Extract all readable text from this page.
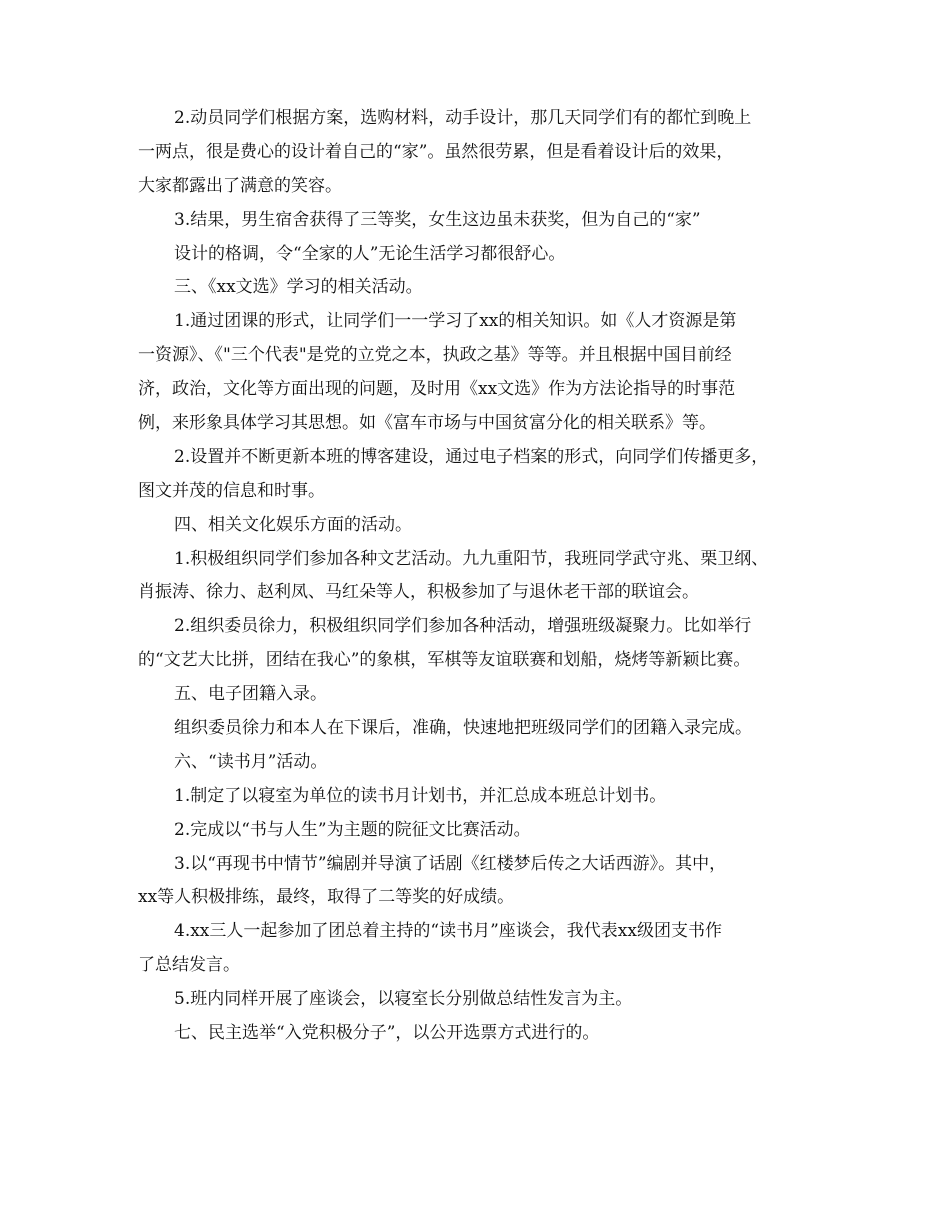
2.动员同学们根据方案，选购材料，动手设计，那几天同学们有的都忙到晚上
一两点，很是费心的设计着自己的“家”。虽然很劳累，但是看着设计后的效果，
大家都露出了满意的笑容。
3.结果，男生宿舍获得了三等奖，女生这边虽未获奖，但为自己的“家”
设计的格调，令“全家的人”无论生活学习都很舒心。
三、《xx文选》学习的相关活动。
1.通过团课的形式，让同学们一一学习了xx的相关知识。如《人才资源是第
一资源》、《"三个代表"是党的立党之本，执政之基》等等。并且根据中国目前经
济，政治，文化等方面出现的问题，及时用《xx文选》作为方法论指导的时事范
例，来形象具体学习其思想。如《富车市场与中国贫富分化的相关联系》等。
2.设置并不断更新本班的博客建设，通过电子档案的形式，向同学们传播更多，
图文并茂的信息和时事。
四、相关文化娱乐方面的活动。
1.积极组织同学们参加各种文艺活动。九九重阳节，我班同学武守兆、栗卫纲、
肖振涛、徐力、赵利凤、马红朵等人，积极参加了与退休老干部的联谊会。
2.组织委员徐力，积极组织同学们参加各种活动，增强班级凝聚力。比如举行
的“文艺大比拼，团结在我心”的象棋，军棋等友谊联赛和划船，烧烤等新颖比赛。
五、电子团籍入录。
组织委员徐力和本人在下课后，准确，快速地把班级同学们的团籍入录完成。
六、“读书月”活动。
1.制定了以寝室为单位的读书月计划书，并汇总成本班总计划书。
2.完成以“书与人生”为主题的院征文比赛活动。
3.以“再现书中情节”编剧并导演了话剧《红楼梦后传之大话西游》。其中，
xx等人积极排练，最终，取得了二等奖的好成绩。
4.xx三人一起参加了团总着主持的“读书月”座谈会，我代表xx级团支书作
了总结发言。
5.班内同样开展了座谈会，以寝室长分别做总结性发言为主。
七、民主选举“入党积极分子”，以公开选票方式进行的。
